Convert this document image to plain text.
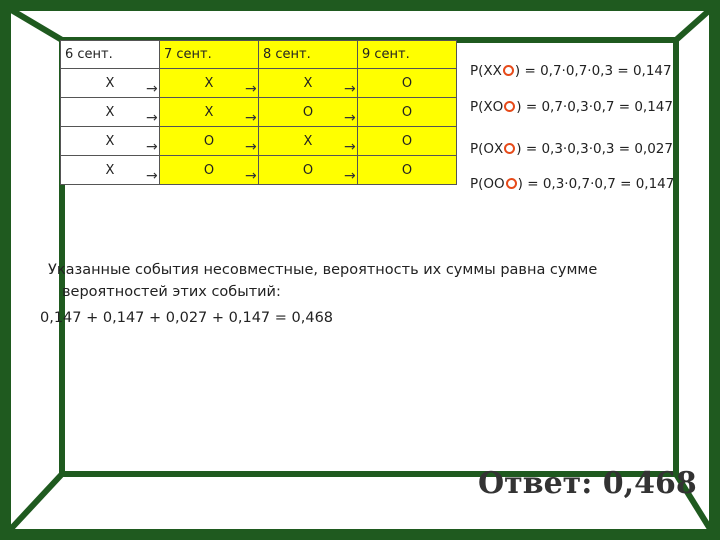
6 сент.	7 сент.	8 сент.	9 сент.
Х	→ Х	→ Х	→ О
Х	→ Х	→ О	→ О
Х	→ О	→ Х	→ О
Х	→ О	→ О	→ О
Р(ХХ ) = 0,7·0,7·0,3 = 0,147
Р(ХО ) = 0,7·0,3·0,7 = 0,147
Р(ОХ ) = 0,3·0,3·0,3 = 0,027
Р(ОО ) = 0,3·0,7·0,7 = 0,147
Указанные события несовместные, вероятность их суммы равна сумме
вероятностей этих событий:
0,147 + 0,147 + 0,027 + 0,147 = 0,468
Ответ: 0,468
